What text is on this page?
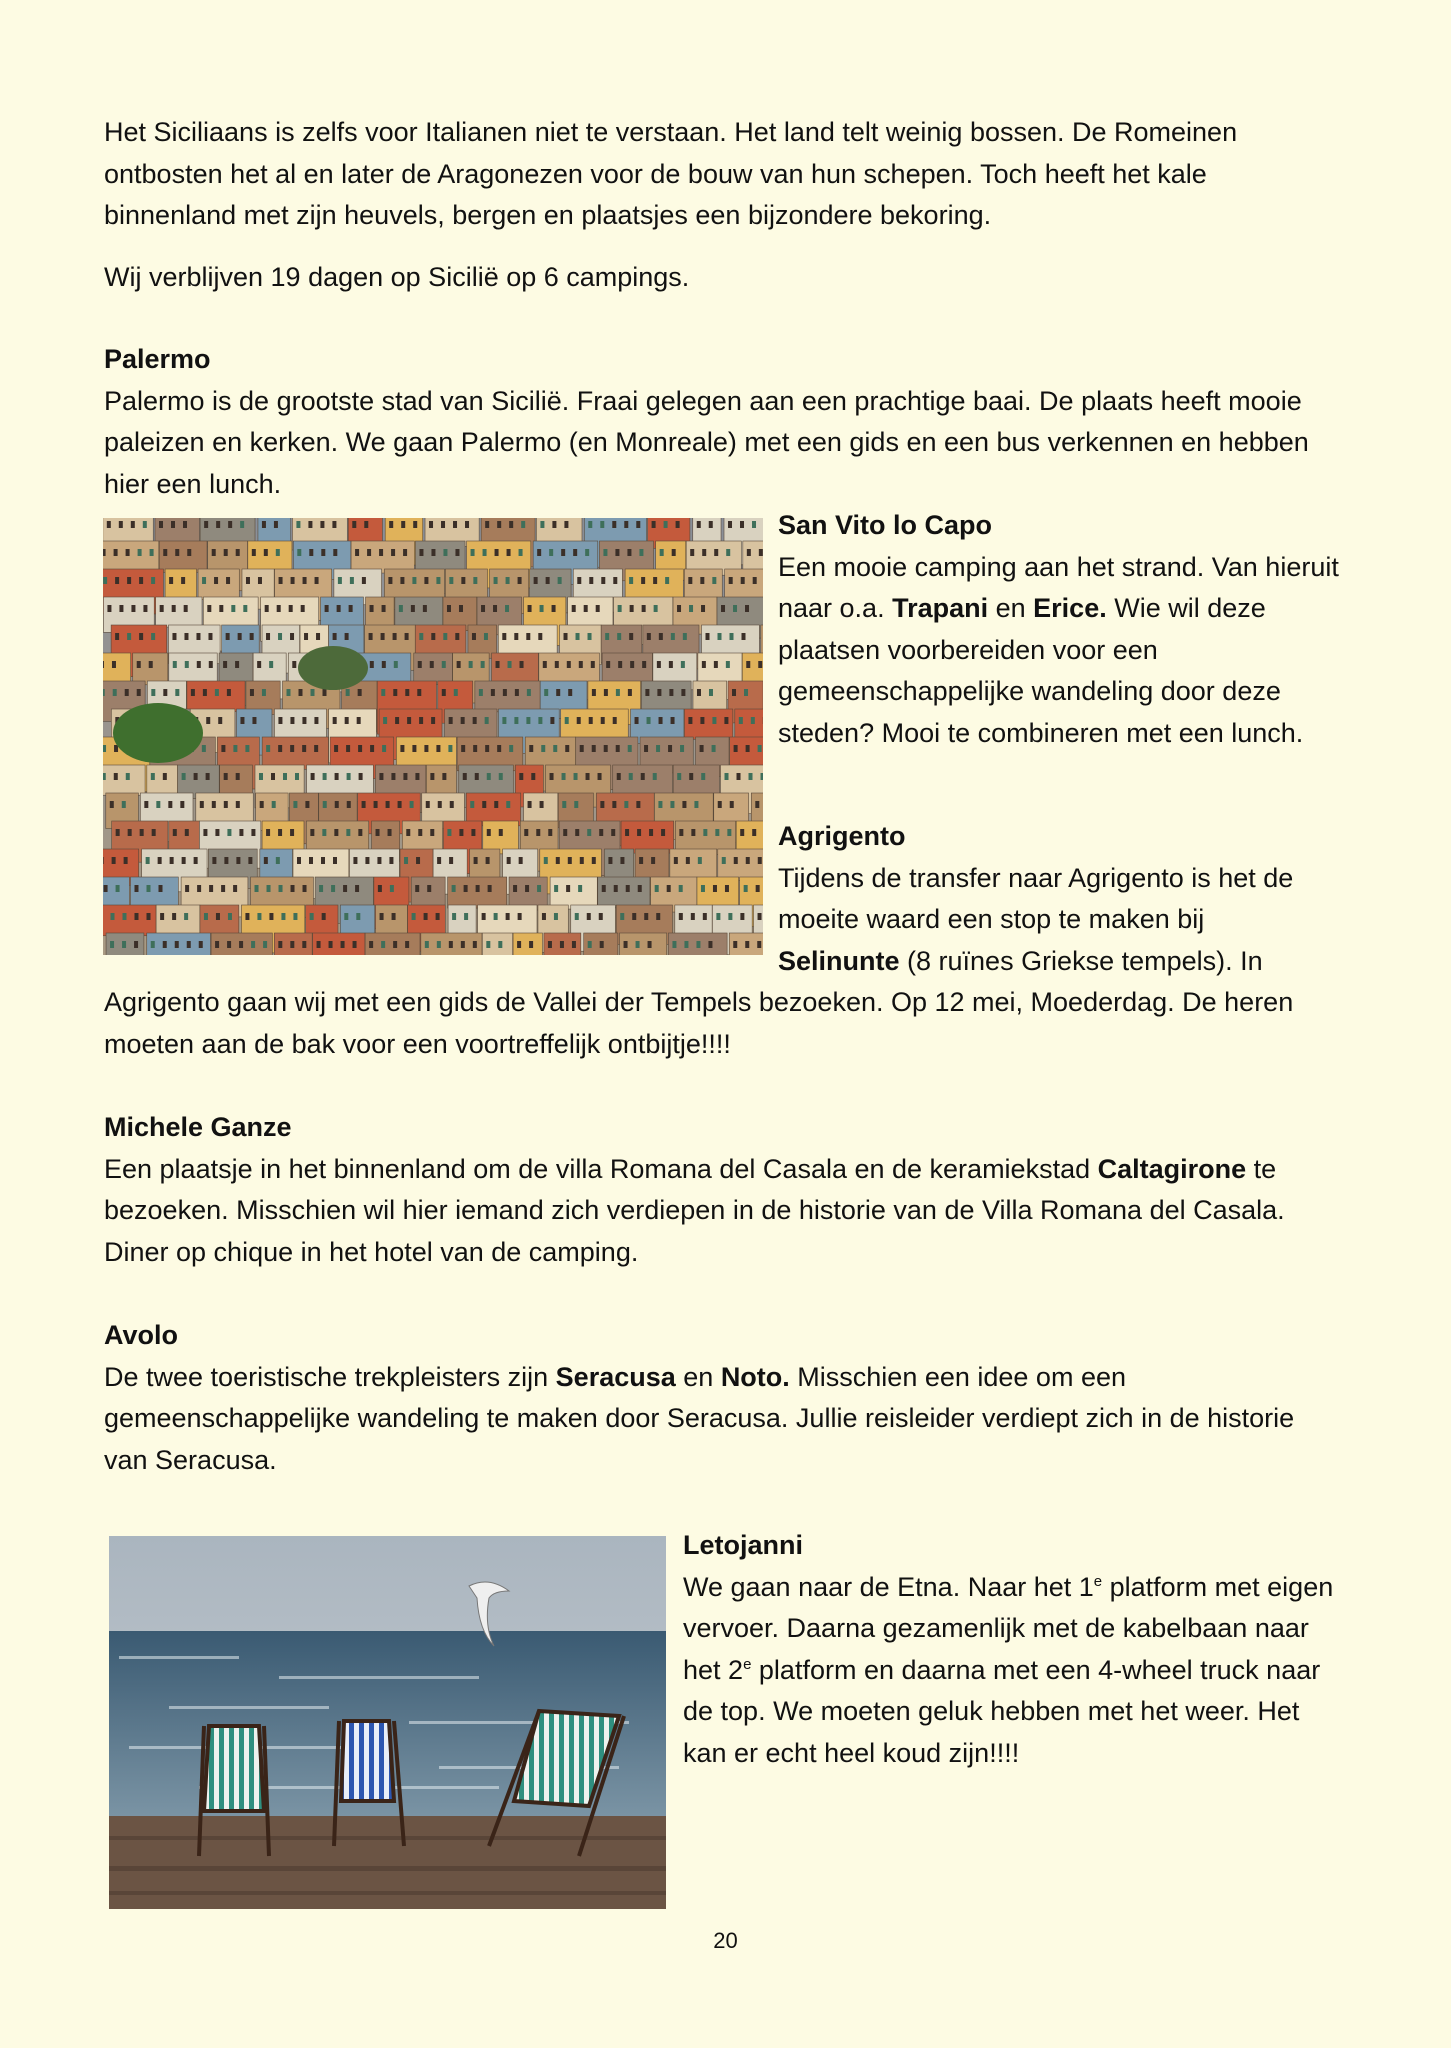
Het Siciliaans is zelfs voor Italianen niet te verstaan. Het land telt weinig bossen. De Romeinen ontbosten het al en later de Aragonezen voor de bouw van hun schepen. Toch heeft het kale binnenland met zijn heuvels, bergen en plaatsjes een bijzondere bekoring.

Wij verblijven 19 dagen op Sicilië op 6 campings.

Palermo

Palermo is de grootste stad van Sicilië. Fraai gelegen aan een prachtige baai. De plaats heeft mooie paleizen en kerken. We gaan Palermo (en Monreale) met een gids en een bus verkennen en hebben hier een lunch.

San Vito lo Capo

Een mooie camping aan het strand. Van hieruit naar o.a. Trapani en Erice. Wie wil deze plaatsen voorbereiden voor een gemeenschappelijke wandeling door deze steden? Mooi te combineren met een lunch.

Agrigento

Tijdens de transfer naar Agrigento is het de moeite waard een stop te maken bij
Selinunte (8 ruïnes Griekse tempels). In

Agrigento gaan wij met een gids de Vallei der Tempels bezoeken. Op 12 mei, Moederdag. De heren moeten aan de bak voor een voortreffelijk ontbijtje!!!!

Michele Ganze

Een plaatsje in het binnenland om de villa Romana del Casala en de keramiekstad Caltagirone te bezoeken. Misschien wil hier iemand zich verdiepen in de historie van de Villa Romana del Casala. Diner op chique in het hotel van de camping.

Avolo

De twee toeristische trekpleisters zijn Seracusa en Noto. Misschien een idee om een gemeenschappelijke wandeling te maken door Seracusa. Jullie reisleider verdiept zich in de historie van Seracusa.

Letojanni

We gaan naar de Etna. Naar het 1e platform met eigen vervoer. Daarna gezamenlijk met de kabelbaan naar het 2e platform en daarna met een 4-wheel truck naar de top. We moeten geluk hebben met het weer. Het kan er echt heel koud zijn!!!!

20
